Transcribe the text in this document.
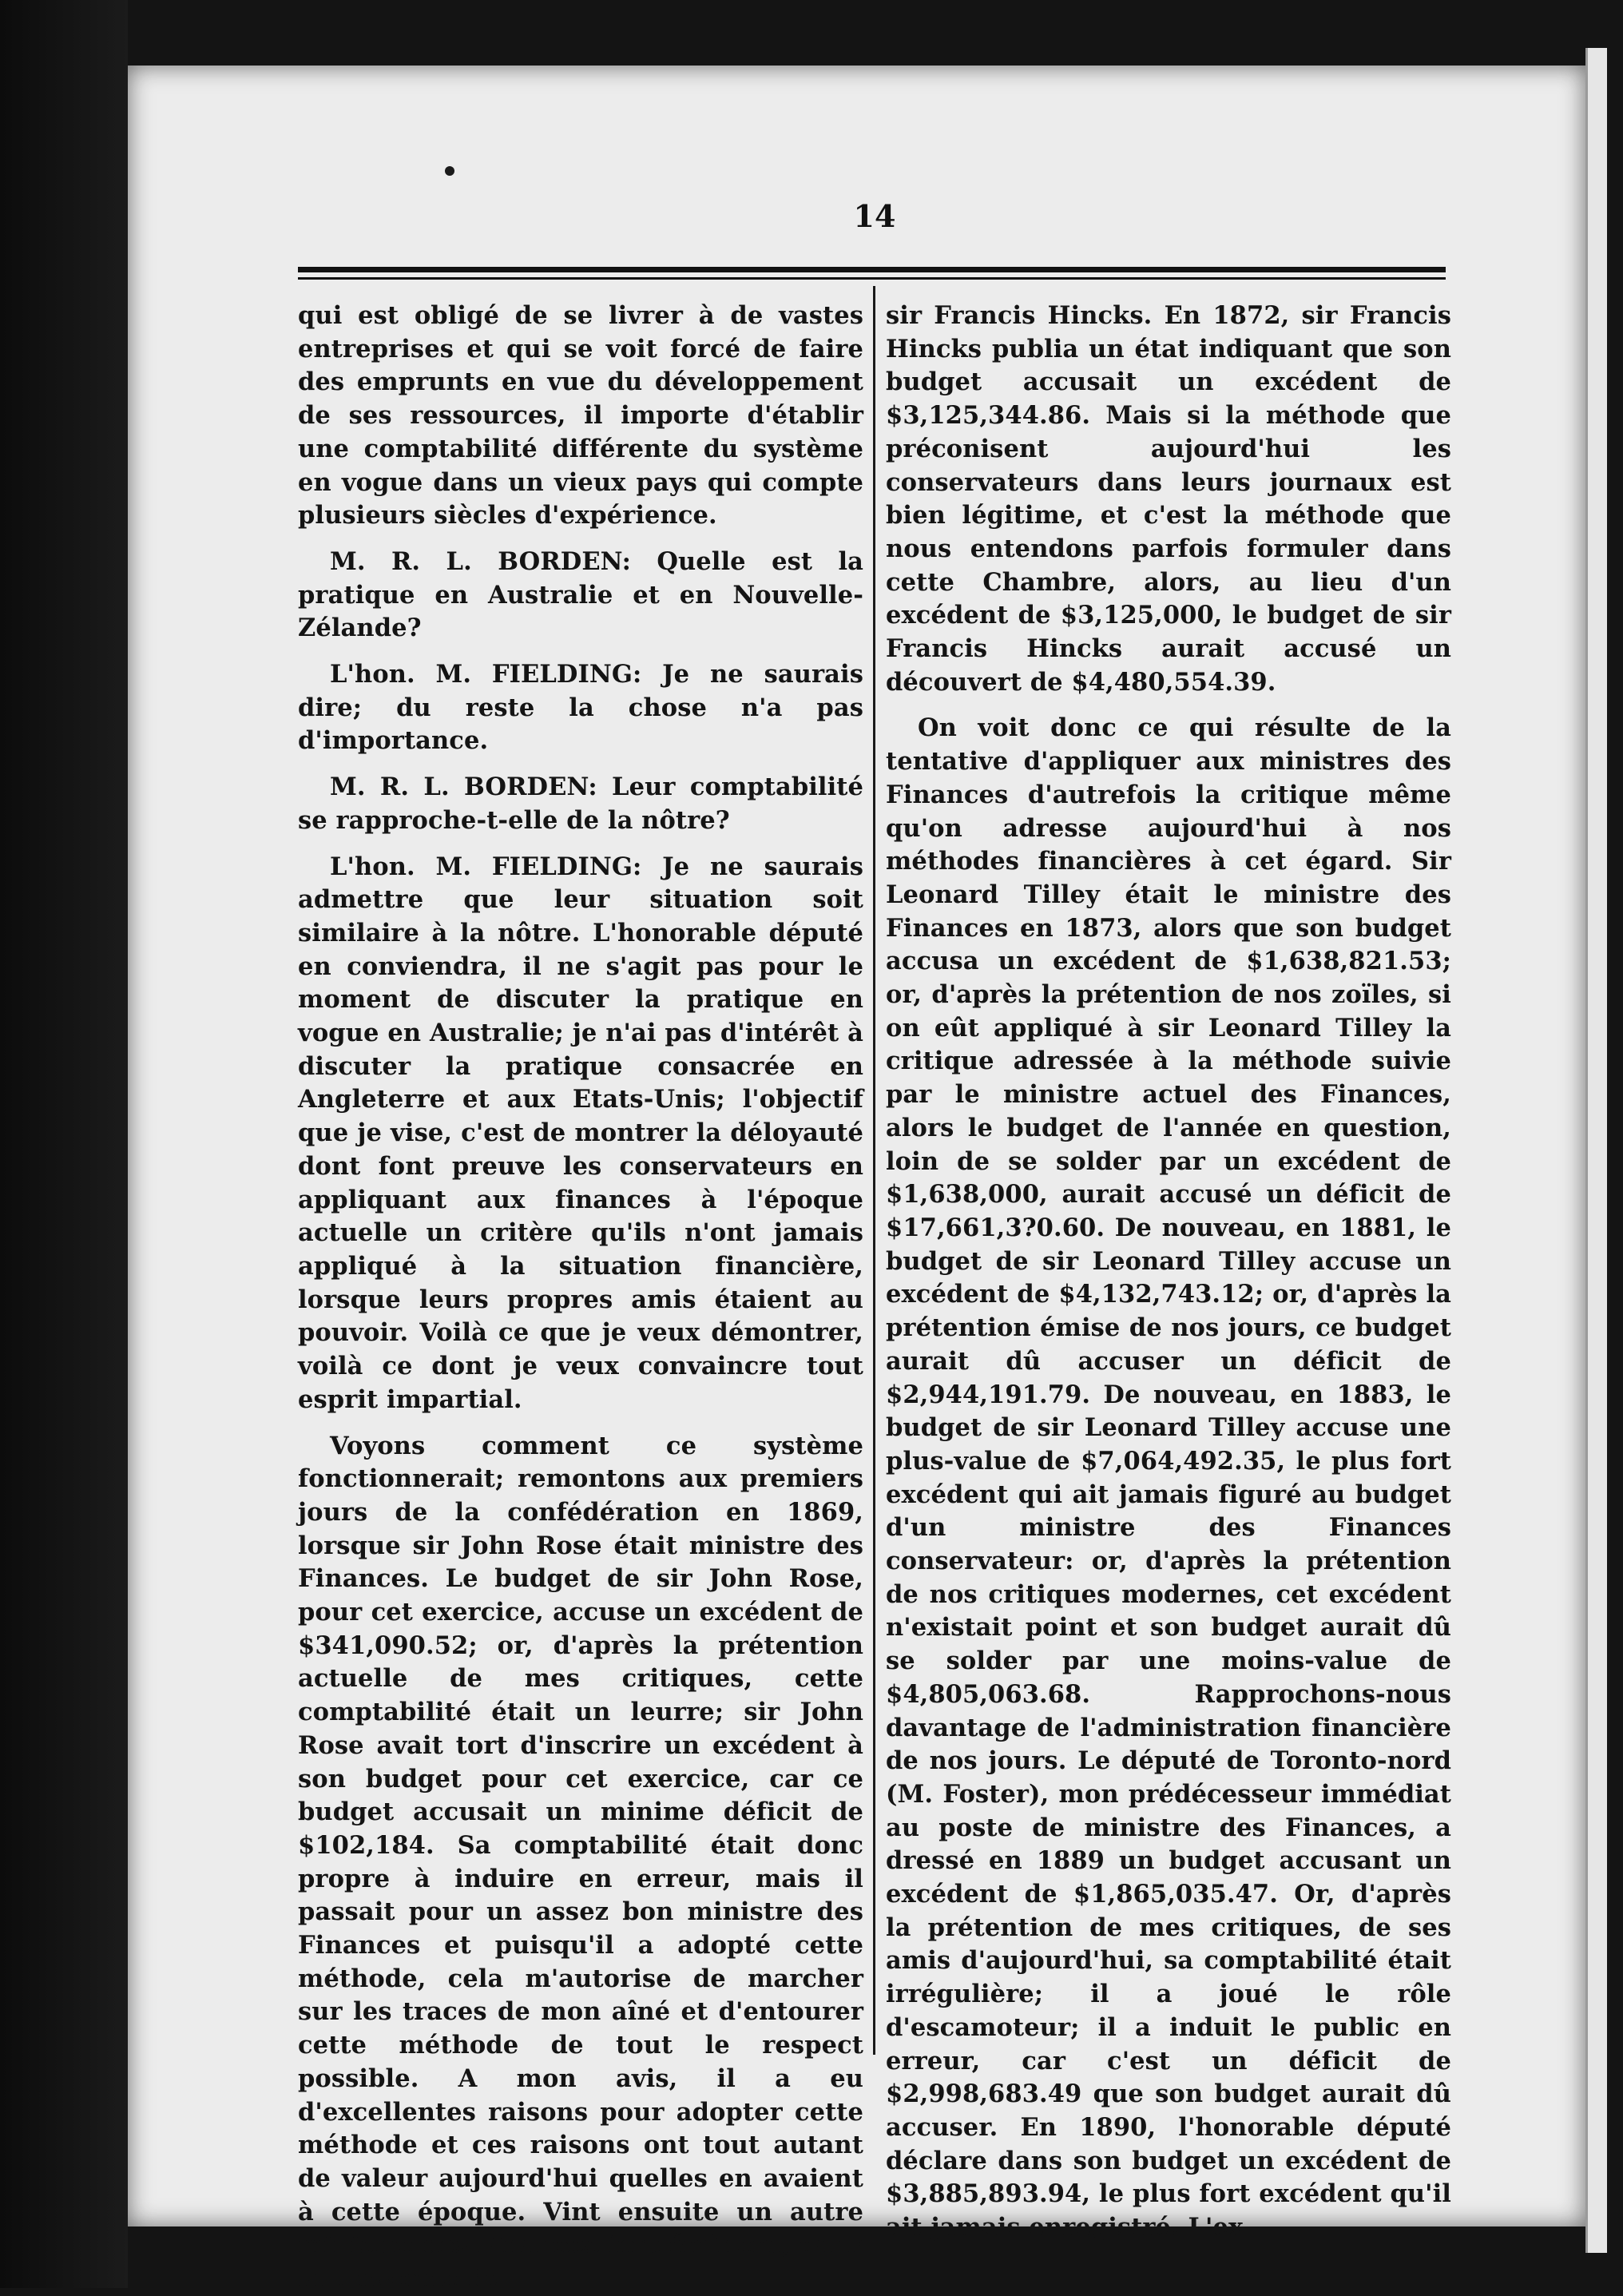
14

qui est obligé de se livrer à de vastes entreprises et qui se voit forcé de faire des emprunts en vue du développement de ses ressources, il importe d'établir une comptabilité différente du système en vogue dans un vieux pays qui compte plusieurs siècles d'expérience.

M. R. L. BORDEN: Quelle est la pratique en Australie et en Nouvelle-Zélande?

L'hon. M. FIELDING: Je ne saurais dire; du reste la chose n'a pas d'importance.

M. R. L. BORDEN: Leur comptabilité se rapproche-t-elle de la nôtre?

L'hon. M. FIELDING: Je ne saurais admettre que leur situation soit similaire à la nôtre. L'honorable député en conviendra, il ne s'agit pas pour le moment de discuter la pratique en vogue en Australie; je n'ai pas d'intérêt à discuter la pratique consacrée en Angleterre et aux Etats-Unis; l'objectif que je vise, c'est de montrer la déloyauté dont font preuve les conservateurs en appliquant aux finances à l'époque actuelle un critère qu'ils n'ont jamais appliqué à la situation financière, lorsque leurs propres amis étaient au pouvoir. Voilà ce que je veux démontrer, voilà ce dont je veux convaincre tout esprit impartial.

Voyons comment ce système fonctionnerait; remontons aux premiers jours de la confédération en 1869, lorsque sir John Rose était ministre des Finances. Le budget de sir John Rose, pour cet exercice, accuse un excédent de $341,090.52; or, d'après la prétention actuelle de mes critiques, cette comptabilité était un leurre; sir John Rose avait tort d'inscrire un excédent à son budget pour cet exercice, car ce budget accusait un minime déficit de $102,184. Sa comptabilité était donc propre à induire en erreur, mais il passait pour un assez bon ministre des Finances et puisqu'il a adopté cette méthode, cela m'autorise de marcher sur les traces de mon aîné et d'entourer cette méthode de tout le respect possible. A mon avis, il a eu d'excellentes raisons pour adopter cette méthode et ces raisons ont tout autant de valeur aujourd'hui quelles en avaient à cette époque. Vint ensuite un autre ministre des Finances fort éminent, dans la personne de

sir Francis Hincks. En 1872, sir Francis Hincks publia un état indiquant que son budget accusait un excédent de $3,125,344.86. Mais si la méthode que préconisent aujourd'hui les conservateurs dans leurs journaux est bien légitime, et c'est la méthode que nous entendons parfois formuler dans cette Chambre, alors, au lieu d'un excédent de $3,125,000, le budget de sir Francis Hincks aurait accusé un découvert de $4,480,554.39.

On voit donc ce qui résulte de la tentative d'appliquer aux ministres des Finances d'autrefois la critique même qu'on adresse aujourd'hui à nos méthodes financières à cet égard. Sir Leonard Tilley était le ministre des Finances en 1873, alors que son budget accusa un excédent de $1,638,821.53; or, d'après la prétention de nos zoïles, si on eût appliqué à sir Leonard Tilley la critique adressée à la méthode suivie par le ministre actuel des Finances, alors le budget de l'année en question, loin de se solder par un excédent de $1,638,000, aurait accusé un déficit de $17,661,3?0.60. De nouveau, en 1881, le budget de sir Leonard Tilley accuse un excédent de $4,132,743.12; or, d'après la prétention émise de nos jours, ce budget aurait dû accuser un déficit de $2,944,191.79. De nouveau, en 1883, le budget de sir Leonard Tilley accuse une plus-value de $7,064,492.35, le plus fort excédent qui ait jamais figuré au budget d'un ministre des Finances conservateur: or, d'après la prétention de nos critiques modernes, cet excédent n'existait point et son budget aurait dû se solder par une moins-value de $4,805,063.68. Rapprochons-nous davantage de l'administration financière de nos jours. Le député de Toronto-nord (M. Foster), mon prédécesseur immédiat au poste de ministre des Finances, a dressé en 1889 un budget accusant un excédent de $1,865,035.47. Or, d'après la prétention de mes critiques, de ses amis d'aujourd'hui, sa comptabilité était irrégulière; il a joué le rôle d'escamoteur; il a induit le public en erreur, car c'est un déficit de $2,998,683.49 que son budget aurait dû accuser. En 1890, l'honorable député déclare dans son budget un excédent de $3,885,893.94, le plus fort excédent qu'il ait jamais enregistré. L'ex-
